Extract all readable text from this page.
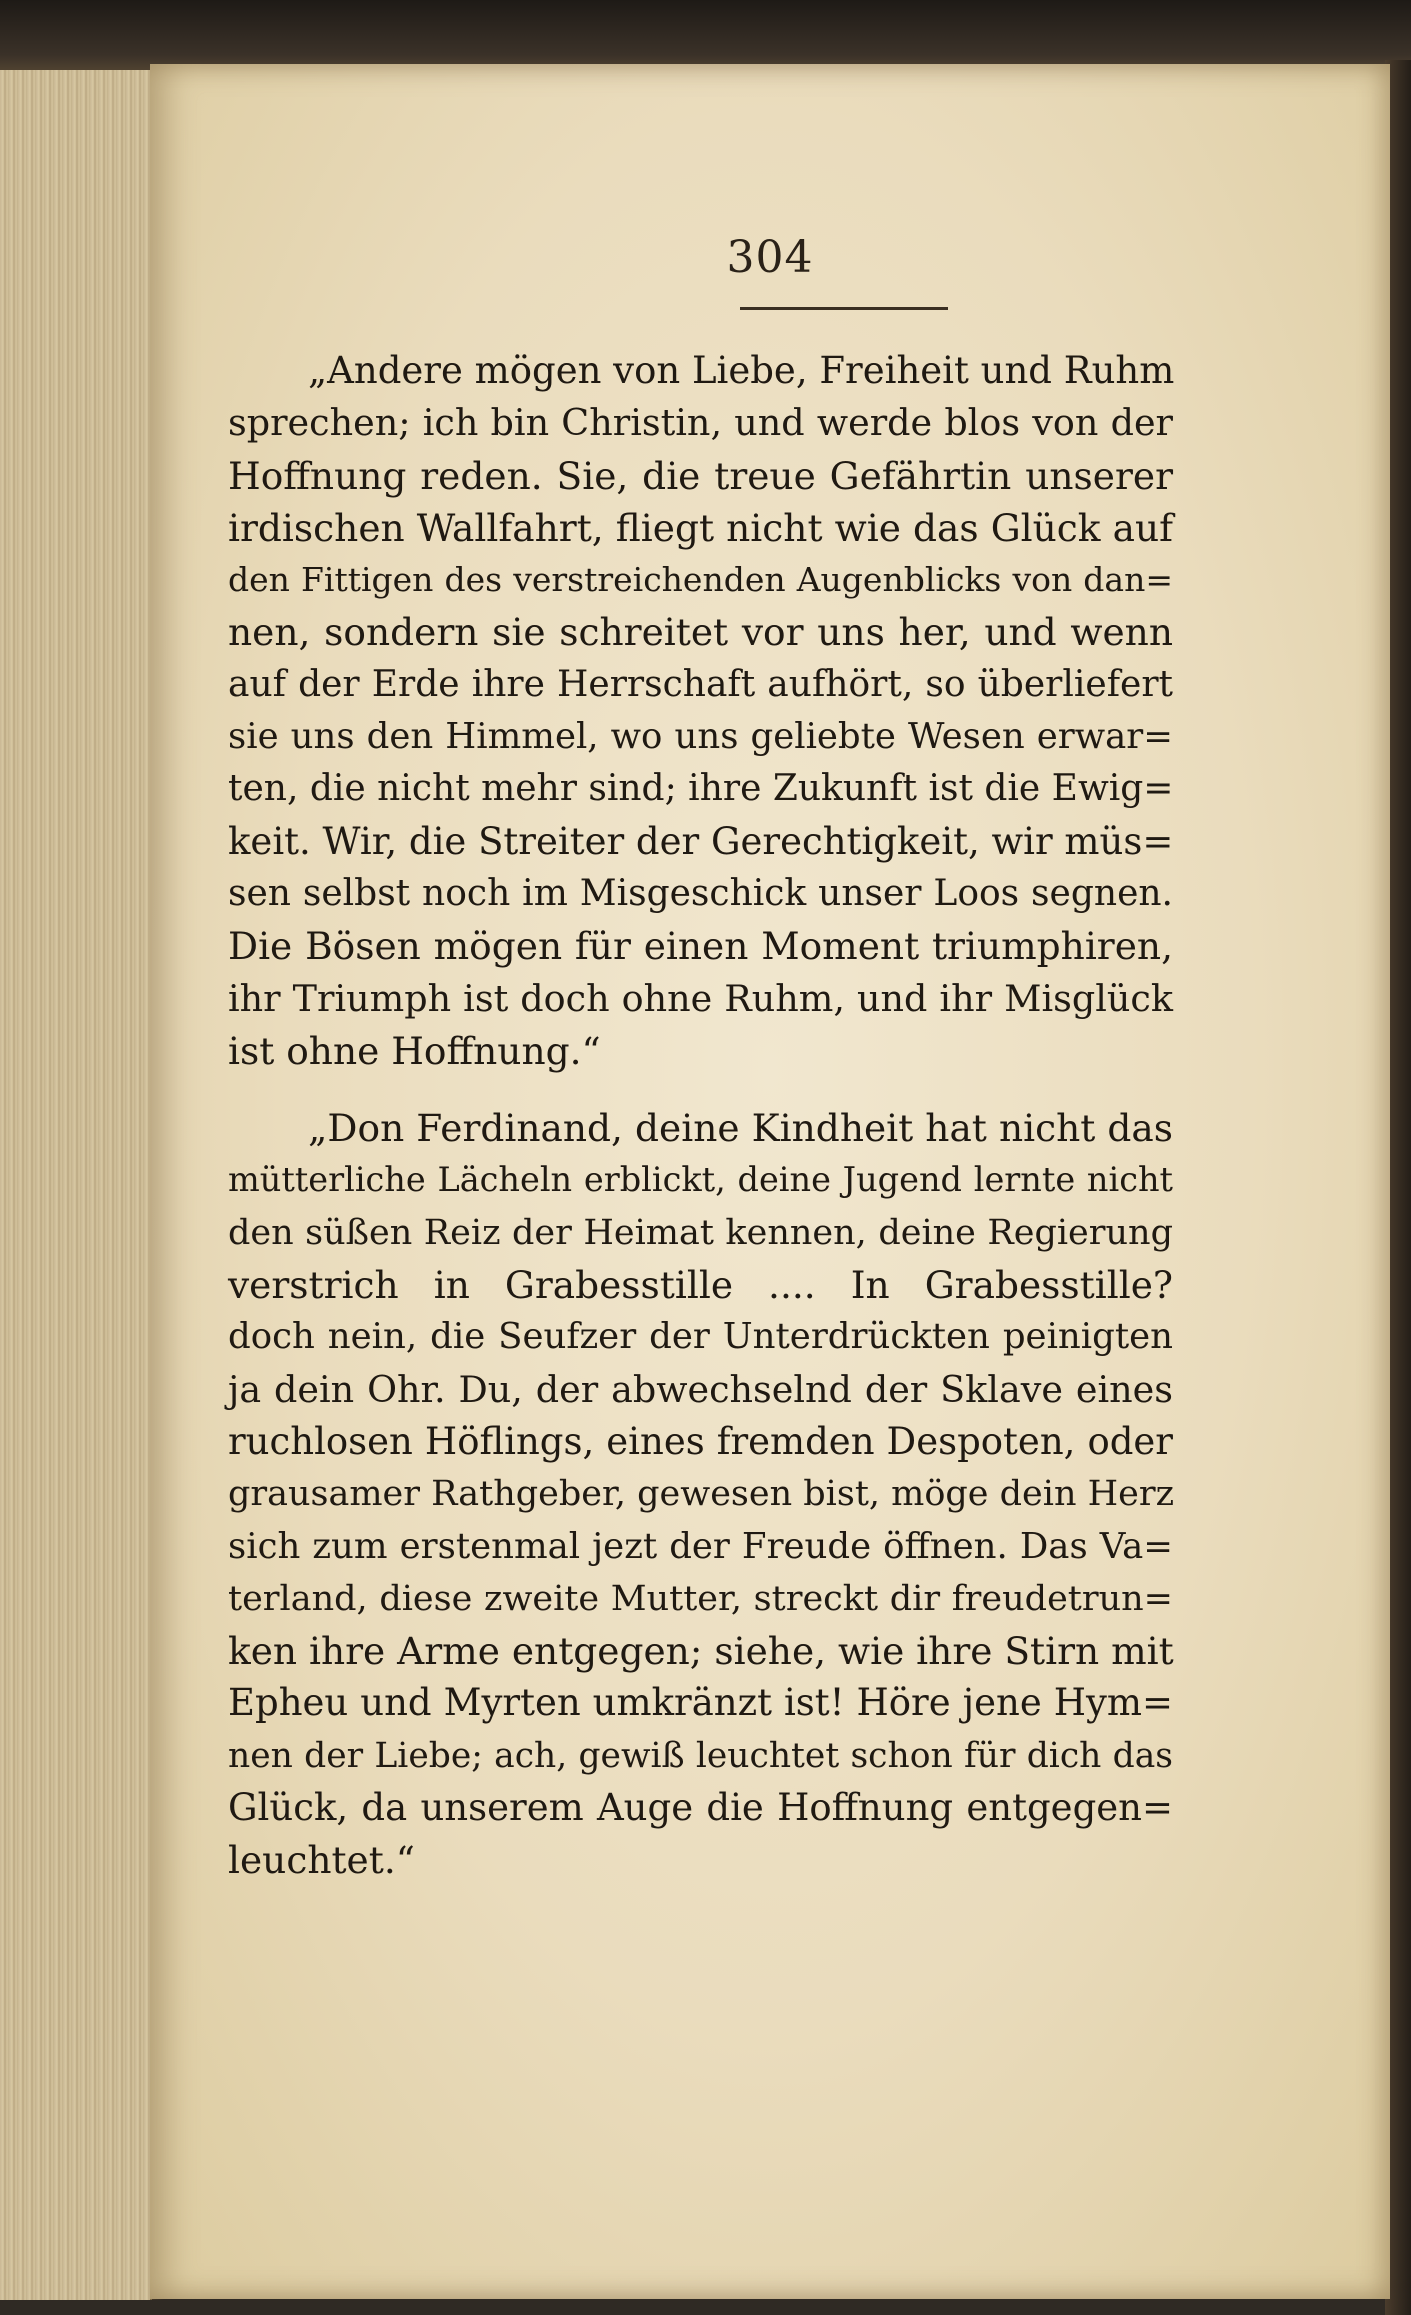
304
„Andere mögen von Liebe, Freiheit und Ruhm
sprechen; ich bin Christin, und werde blos von der
Hoffnung reden. Sie, die treue Gefährtin unserer
irdischen Wallfahrt, fliegt nicht wie das Glück auf
den Fittigen des verstreichenden Augenblicks von dan=
nen, sondern sie schreitet vor uns her, und wenn
auf der Erde ihre Herrschaft aufhört, so überliefert
sie uns den Himmel, wo uns geliebte Wesen erwar=
ten, die nicht mehr sind; ihre Zukunft ist die Ewig=
keit. Wir, die Streiter der Gerechtigkeit, wir müs=
sen selbst noch im Misgeschick unser Loos segnen.
Die Bösen mögen für einen Moment triumphiren,
ihr Triumph ist doch ohne Ruhm, und ihr Misglück
ist ohne Hoffnung.“
„Don Ferdinand, deine Kindheit hat nicht das
mütterliche Lächeln erblickt, deine Jugend lernte nicht
den süßen Reiz der Heimat kennen, deine Regierung
verstrich in Grabesstille .... In Grabesstille?
doch nein, die Seufzer der Unterdrückten peinigten
ja dein Ohr. Du, der abwechselnd der Sklave eines
ruchlosen Höflings, eines fremden Despoten, oder
grausamer Rathgeber, gewesen bist, möge dein Herz
sich zum erstenmal jezt der Freude öffnen. Das Va=
terland, diese zweite Mutter, streckt dir freudetrun=
ken ihre Arme entgegen; siehe, wie ihre Stirn mit
Epheu und Myrten umkränzt ist! Höre jene Hym=
nen der Liebe; ach, gewiß leuchtet schon für dich das
Glück, da unserem Auge die Hoffnung entgegen=
leuchtet.“
